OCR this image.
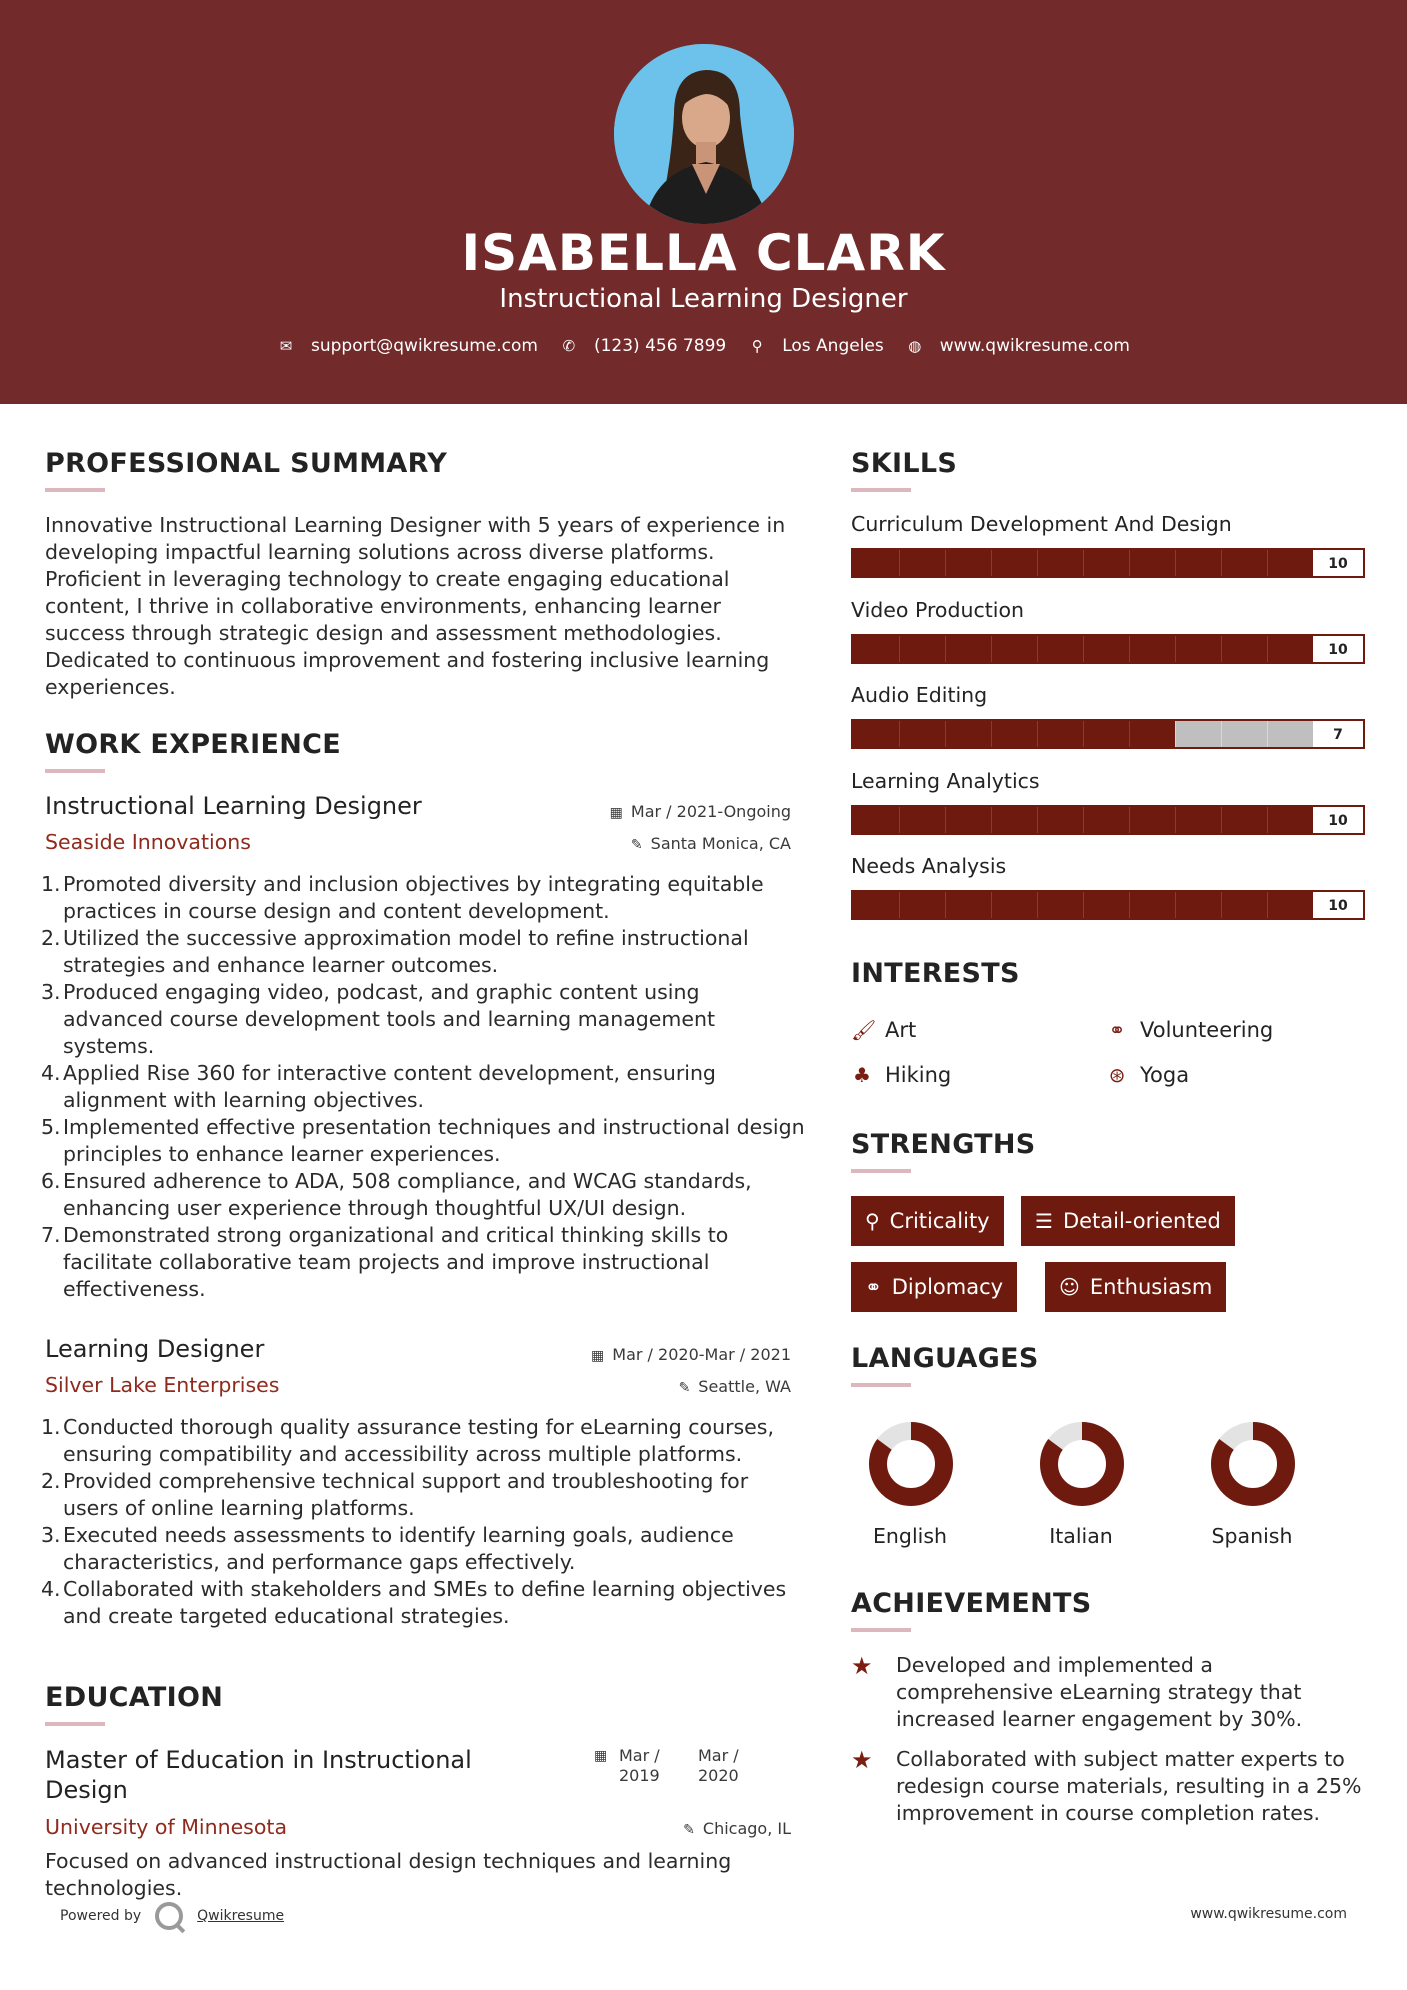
ISABELLA CLARK
Instructional Learning Designer
✉ support@qwikresume.com ✆ (123) 456 7899 ⚲ Los Angeles ◍ www.qwikresume.com
PROFESSIONAL SUMMARY
Innovative Instructional Learning Designer with 5 years of experience in developing impactful learning solutions across diverse platforms. Proficient in leveraging technology to create engaging educational content, I thrive in collaborative environments, enhancing learner success through strategic design and assessment methodologies. Dedicated to continuous improvement and fostering inclusive learning experiences.
WORK EXPERIENCE
Instructional Learning Designer	▦ Mar / 2021-Ongoing
Seaside Innovations	✎ Santa Monica, CA
1. Promoted diversity and inclusion objectives by integrating equitable practices in course design and content development.
2. Utilized the successive approximation model to refine instructional strategies and enhance learner outcomes.
3. Produced engaging video, podcast, and graphic content using advanced course development tools and learning management systems.
4. Applied Rise 360 for interactive content development, ensuring alignment with learning objectives.
5. Implemented effective presentation techniques and instructional design principles to enhance learner experiences.
6. Ensured adherence to ADA, 508 compliance, and WCAG standards, enhancing user experience through thoughtful UX/UI design.
7. Demonstrated strong organizational and critical thinking skills to facilitate collaborative team projects and improve instructional effectiveness.
Learning Designer	▦ Mar / 2020-Mar / 2021
Silver Lake Enterprises	✎ Seattle, WA
1. Conducted thorough quality assurance testing for eLearning courses, ensuring compatibility and accessibility across multiple platforms.
2. Provided comprehensive technical support and troubleshooting for users of online learning platforms.
3. Executed needs assessments to identify learning goals, audience characteristics, and performance gaps effectively.
4. Collaborated with stakeholders and SMEs to define learning objectives and create targeted educational strategies.
EDUCATION
Master of Education in Instructional Design
▦ Mar / 2019
Mar / 2020
University of Minnesota	✎ Chicago, IL
Focused on advanced instructional design techniques and learning technologies.
SKILLS
Curriculum Development And Design
10
Video Production
10
Audio Editing
7
Learning Analytics
10
Needs Analysis
10
INTERESTS
🖌︎ Art	⚭ Volunteering
♣ Hiking	⊛ Yoga
STRENGTHS
⚲ Criticality ☰ Detail-oriented
⚭ Diplomacy	☺ Enthusiasm
LANGUAGES
English	Italian	Spanish
ACHIEVEMENTS
★ Developed and implemented a comprehensive eLearning strategy that increased learner engagement by 30%.
★ Collaborated with subject matter experts to redesign course materials, resulting in a 25% improvement in course completion rates.
Powered by	Qwikresume	www.qwikresume.com
